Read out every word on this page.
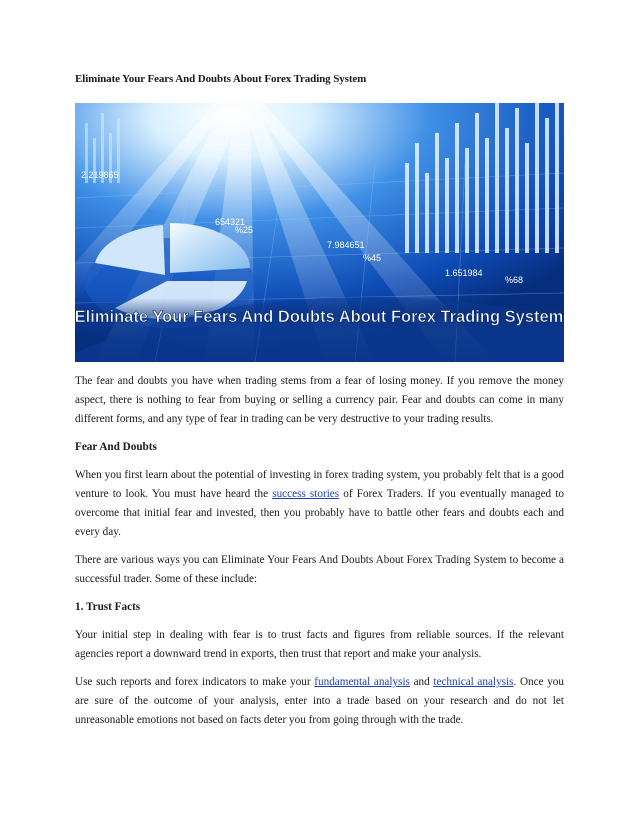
Eliminate Your Fears And Doubts About Forex Trading System
2.219865
654321
%25
7.984651
%45
1.651984
%68
Eliminate Your Fears And Doubts About Forex Trading System

The fear and doubts you have when trading stems from a fear of losing money. If you remove the money aspect, there is nothing to fear from buying or selling a currency pair. Fear and doubts can come in many different forms, and any type of fear in trading can be very destructive to your trading results.

Fear And Doubts

When you first learn about the potential of investing in forex trading system, you probably felt that is a good venture to look. You must have heard the success stories of Forex Traders. If you eventually managed to overcome that initial fear and invested, then you probably have to battle other fears and doubts each and every day.

There are various ways you can Eliminate Your Fears And Doubts About Forex Trading System to become a successful trader. Some of these include:

1. Trust Facts

Your initial step in dealing with fear is to trust facts and figures from reliable sources. If the relevant agencies report a downward trend in exports, then trust that report and make your analysis.

Use such reports and forex indicators to make your fundamental analysis and technical analysis. Once you are sure of the outcome of your analysis, enter into a trade based on your research and do not let unreasonable emotions not based on facts deter you from going through with the trade.
